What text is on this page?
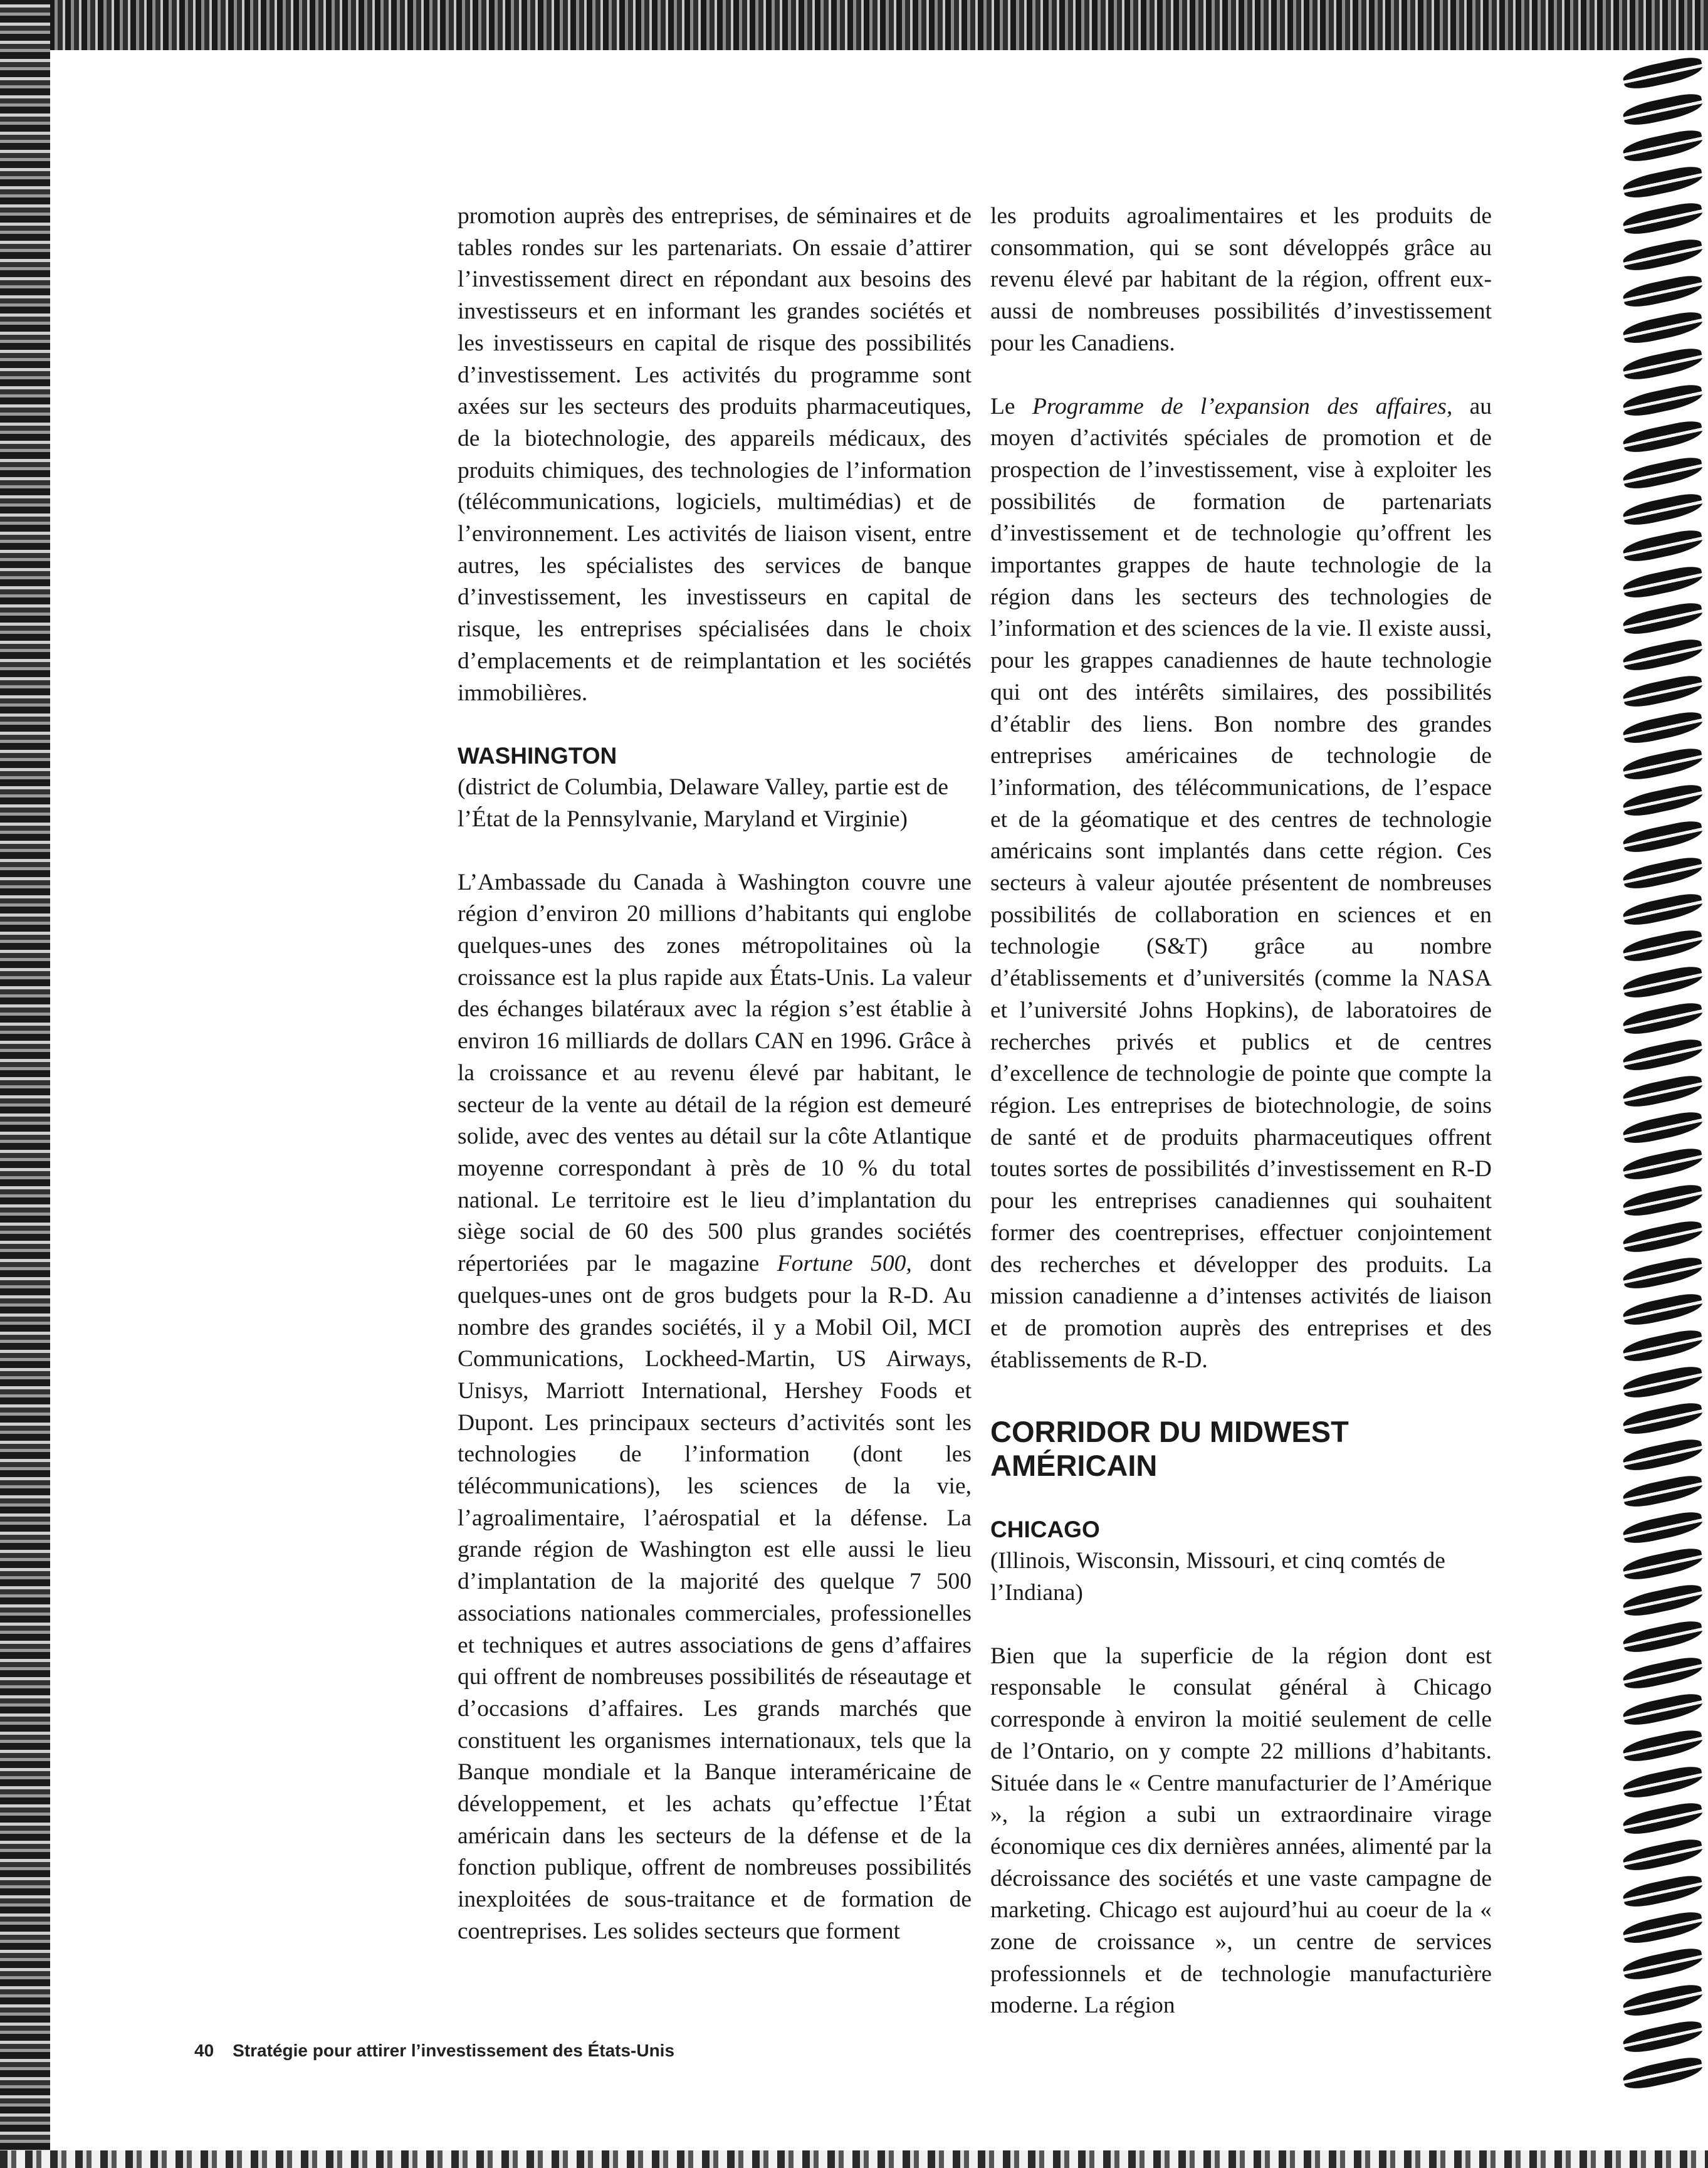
promotion auprès des entreprises, de séminaires et de tables rondes sur les partenariats. On essaie d’attirer l’investissement direct en répondant aux besoins des investisseurs et en informant les grandes sociétés et les investisseurs en capital de risque des possibilités d’investissement. Les activités du programme sont axées sur les secteurs des produits pharmaceutiques, de la biotechnologie, des appareils médicaux, des produits chimiques, des technologies de l’information (télécommunications, logiciels, multimédias) et de l’environnement. Les activités de liaison visent, entre autres, les spécialistes des services de banque d’investissement, les investisseurs en capital de risque, les entreprises spécialisées dans le choix d’emplacements et de reimplantation et les sociétés immobilières.

WASHINGTON

(district de Columbia, Delaware Valley, partie est de l’État de la Pennsylvanie, Maryland et Virginie)

L’Ambassade du Canada à Washington couvre une région d’environ 20 millions d’habitants qui englobe quelques-unes des zones métropolitaines où la croissance est la plus rapide aux États-Unis. La valeur des échanges bilatéraux avec la région s’est établie à environ 16 milliards de dollars CAN en 1996. Grâce à la croissance et au revenu élevé par habitant, le secteur de la vente au détail de la région est demeuré solide, avec des ventes au détail sur la côte Atlantique moyenne correspondant à près de 10 % du total national. Le territoire est le lieu d’implantation du siège social de 60 des 500 plus grandes sociétés répertoriées par le magazine Fortune 500, dont quelques-unes ont de gros budgets pour la R-D. Au nombre des grandes sociétés, il y a Mobil Oil, MCI Communications, Lockheed-Martin, US Airways, Unisys, Marriott International, Hershey Foods et Dupont. Les principaux secteurs d’activités sont les technologies de l’information (dont les télécommunications), les sciences de la vie, l’agroalimentaire, l’aérospatial et la défense. La grande région de Washington est elle aussi le lieu d’implantation de la majorité des quelque 7 500 associations nationales commerciales, professionelles et techniques et autres associations de gens d’affaires qui offrent de nombreuses possibilités de réseautage et d’occasions d’affaires. Les grands marchés que constituent les organismes internationaux, tels que la Banque mondiale et la Banque interaméricaine de développement, et les achats qu’effectue l’État américain dans les secteurs de la défense et de la fonction publique, offrent de nombreuses possibilités inexploitées de sous-traitance et de formation de coentreprises. Les solides secteurs que forment

les produits agroalimentaires et les produits de consommation, qui se sont développés grâce au revenu élevé par habitant de la région, offrent eux-aussi de nombreuses possibilités d’investissement pour les Canadiens.

Le Programme de l’expansion des affaires, au moyen d’activités spéciales de promotion et de prospection de l’investissement, vise à exploiter les possibilités de formation de partenariats d’investissement et de technologie qu’offrent les importantes grappes de haute technologie de la région dans les secteurs des technologies de l’information et des sciences de la vie. Il existe aussi, pour les grappes canadiennes de haute technologie qui ont des intérêts similaires, des possibilités d’établir des liens. Bon nombre des grandes entreprises américaines de technologie de l’information, des télécommunications, de l’espace et de la géomatique et des centres de technologie américains sont implantés dans cette région. Ces secteurs à valeur ajoutée présentent de nombreuses possibilités de collaboration en sciences et en technologie (S&T) grâce au nombre d’établissements et d’universités (comme la NASA et l’université Johns Hopkins), de laboratoires de recherches privés et publics et de centres d’excellence de technologie de pointe que compte la région. Les entreprises de biotechnologie, de soins de santé et de produits pharmaceutiques offrent toutes sortes de possibilités d’investissement en R-D pour les entreprises canadiennes qui souhaitent former des coentreprises, effectuer conjointement des recherches et développer des produits. La mission canadienne a d’intenses activités de liaison et de promotion auprès des entreprises et des établissements de R-D.

CORRIDOR DU MIDWEST
AMÉRICAIN
CHICAGO

(Illinois, Wisconsin, Missouri, et cinq comtés de l’Indiana)

Bien que la superficie de la région dont est responsable le consulat général à Chicago corresponde à environ la moitié seulement de celle de l’Ontario, on y compte 22 millions d’habitants. Située dans le « Centre manufacturier de l’Amérique », la région a subi un extraordinaire virage économique ces dix dernières années, alimenté par la décroissance des sociétés et une vaste campagne de marketing. Chicago est aujourd’hui au coeur de la « zone de croissance », un centre de services professionnels et de technologie manufacturière moderne. La région

40 Stratégie pour attirer l’investissement des États-Unis
